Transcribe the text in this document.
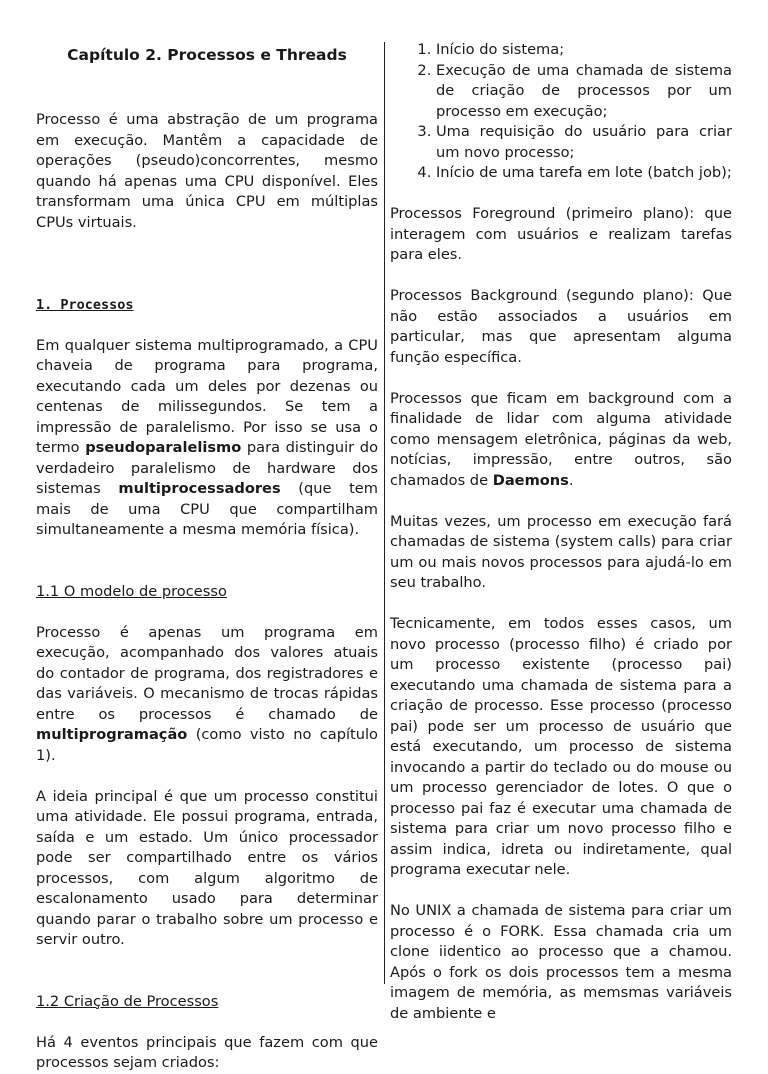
Capítulo 2. Processos e Threads

Processo é uma abstração de um programa em execução. Mantêm a capacidade de operações (pseudo)concorrentes, mesmo quando há apenas uma CPU disponível. Eles transformam uma única CPU em múltiplas CPUs virtuais.

1. Processos

Em qualquer sistema multiprogramado, a CPU chaveia de programa para programa, executando cada um deles por dezenas ou centenas de milissegundos. Se tem a impressão de paralelismo. Por isso se usa o termo pseudoparalelismo para distinguir do verdadeiro paralelismo de hardware dos sistemas multiprocessadores (que tem mais de uma CPU que compartilham simultaneamente a mesma memória física).

1.1 O modelo de processo

Processo é apenas um programa em execução, acompanhado dos valores atuais do contador de programa, dos registradores e das variáveis. O mecanismo de trocas rápidas entre os processos é chamado de multiprogramação (como visto no capítulo 1).

A ideia principal é que um processo constitui uma atividade. Ele possui programa, entrada, saída e um estado. Um único processador pode ser compartilhado entre os vários processos, com algum algoritmo de escalonamento usado para determinar quando parar o trabalho sobre um processo e servir outro.

1.2 Criação de Processos

Há 4 eventos principais que fazem com que processos sejam criados:

1. Início do sistema;
2. Execução de uma chamada de sistema de criação de processos por um processo em execução;
3. Uma requisição do usuário para criar um novo processo;
4. Início de uma tarefa em lote (batch job);

Processos Foreground (primeiro plano): que interagem com usuários e realizam tarefas para eles.

Processos Background (segundo plano): Que não estão associados a usuários em particular, mas que apresentam alguma função específica.

Processos que ficam em background com a finalidade de lidar com alguma atividade como mensagem eletrônica, páginas da web, notícias, impressão, entre outros, são chamados de Daemons.

Muitas vezes, um processo em execução fará chamadas de sistema (system calls) para criar um ou mais novos processos para ajudá-lo em seu trabalho.

Tecnicamente, em todos esses casos, um novo processo (processo filho) é criado por um processo existente (processo pai) executando uma chamada de sistema para a criação de processo. Esse processo (processo pai) pode ser um processo de usuário que está executando, um processo de sistema invocando a partir do teclado ou do mouse ou um processo gerenciador de lotes. O que o processo pai faz é executar uma chamada de sistema para criar um novo processo filho e assim indica, idreta ou indiretamente, qual programa executar nele.

No UNIX a chamada de sistema para criar um processo é o FORK. Essa chamada cria um clone iidentico ao processo que a chamou. Após o fork os dois processos tem a mesma imagem de memória, as memsmas variáveis de ambiente e
